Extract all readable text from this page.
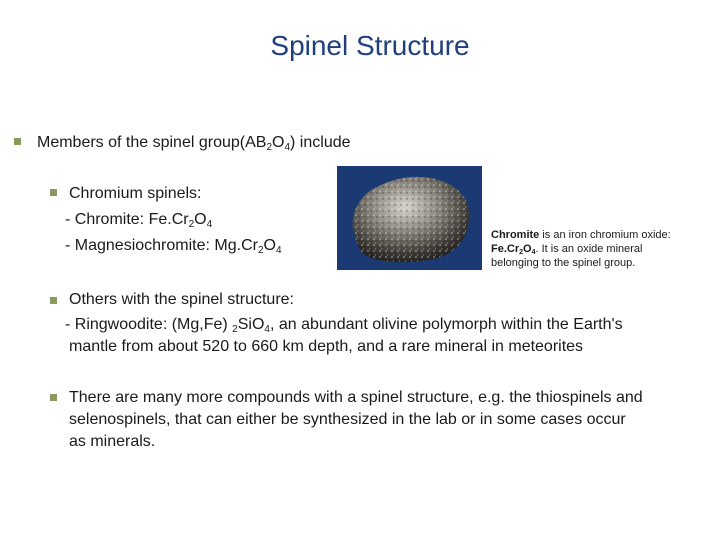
Spinel Structure
Members of the spinel $group(AB_2O_4)$ include
Chromium spinels:
- Chromite: $Fe.Cr_2O_4$
- Magnesiochromite: $Mg.Cr_2O_4$
Chromite is an iron chromium oxide:
$Fe.Cr_2O_4$. It is an oxide mineral
belonging to the spinel group.
Others with the spinel structure:
- Ringwoodite: (Mg,Fe) $_2$SiO$_4$, an abundant olivine polymorph within the Earth's
mantle from about 520 to 660 km depth, and a rare mineral in meteorites
There are many more compounds with a spinel structure, e.g. the thiospinels and
selenospinels, that can either be synthesized in the lab or in some cases occur
as minerals.
